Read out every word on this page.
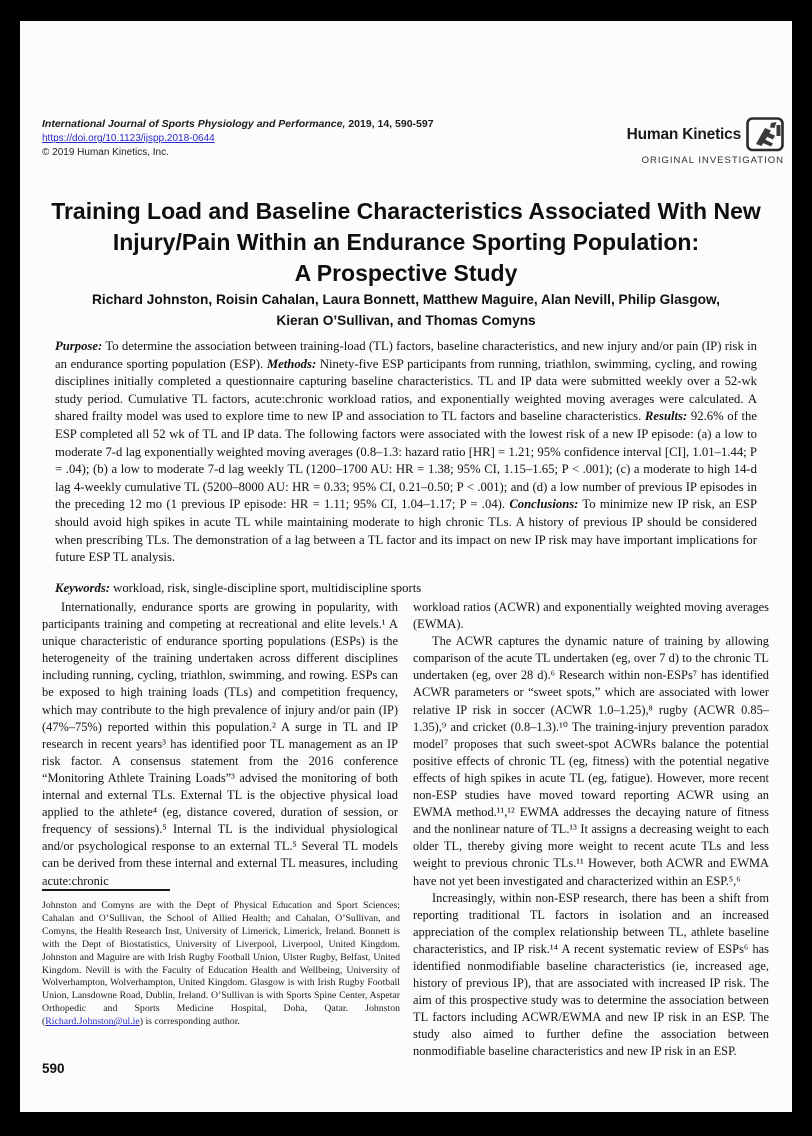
International Journal of Sports Physiology and Performance, 2019, 14, 590-597
https://doi.org/10.1123/ijspp.2018-0644
© 2019 Human Kinetics, Inc.
Human Kinetics
ORIGINAL INVESTIGATION
Training Load and Baseline Characteristics Associated With New
Injury/Pain Within an Endurance Sporting Population:
A Prospective Study
Richard Johnston, Roisin Cahalan, Laura Bonnett, Matthew Maguire, Alan Nevill, Philip Glasgow,
Kieran O’Sullivan, and Thomas Comyns

Purpose: To determine the association between training-load (TL) factors, baseline characteristics, and new injury and/or pain (IP) risk in an endurance sporting population (ESP). Methods: Ninety-five ESP participants from running, triathlon, swimming, cycling, and rowing disciplines initially completed a questionnaire capturing baseline characteristics. TL and IP data were submitted weekly over a 52-wk study period. Cumulative TL factors, acute:chronic workload ratios, and exponentially weighted moving averages were calculated. A shared frailty model was used to explore time to new IP and association to TL factors and baseline characteristics. Results: 92.6% of the ESP completed all 52 wk of TL and IP data. The following factors were associated with the lowest risk of a new IP episode: (a) a low to moderate 7-d lag exponentially weighted moving averages (0.8–1.3: hazard ratio [HR] = 1.21; 95% confidence interval [CI], 1.01–1.44; P = .04); (b) a low to moderate 7-d lag weekly TL (1200–1700 AU: HR = 1.38; 95% CI, 1.15–1.65; P < .001); (c) a moderate to high 14-d lag 4-weekly cumulative TL (5200–8000 AU: HR = 0.33; 95% CI, 0.21–0.50; P < .001); and (d) a low number of previous IP episodes in the preceding 12 mo (1 previous IP episode: HR = 1.11; 95% CI, 1.04–1.17; P = .04). Conclusions: To minimize new IP risk, an ESP should avoid high spikes in acute TL while maintaining moderate to high chronic TLs. A history of previous IP should be considered when prescribing TLs. The demonstration of a lag between a TL factor and its impact on new IP risk may have important implications for future ESP TL analysis.

Keywords: workload, risk, single-discipline sport, multidiscipline sports

Internationally, endurance sports are growing in popularity, with participants training and competing at recreational and elite levels.¹ A unique characteristic of endurance sporting populations (ESPs) is the heterogeneity of the training undertaken across different disciplines including running, cycling, triathlon, swimming, and rowing. ESPs can be exposed to high training loads (TLs) and competition frequency, which may contribute to the high prevalence of injury and/or pain (IP) (47%–75%) reported within this population.² A surge in TL and IP research in recent years³ has identified poor TL management as an IP risk factor. A consensus statement from the 2016 conference “Monitoring Athlete Training Loads”³ advised the monitoring of both internal and external TLs. External TL is the objective physical load applied to the athlete⁴ (eg, distance covered, duration of session, or frequency of sessions).⁵ Internal TL is the individual physiological and/or psychological response to an external TL.⁵ Several TL models can be derived from these internal and external TL measures, including acute:chronic

workload ratios (ACWR) and exponentially weighted moving averages (EWMA).

The ACWR captures the dynamic nature of training by allowing comparison of the acute TL undertaken (eg, over 7 d) to the chronic TL undertaken (eg, over 28 d).⁶ Research within non-ESPs⁷ has identified ACWR parameters or “sweet spots,” which are associated with lower relative IP risk in soccer (ACWR 1.0–1.25),⁸ rugby (ACWR 0.85–1.35),⁹ and cricket (0.8–1.3).¹⁰ The training-injury prevention paradox model⁷ proposes that such sweet-spot ACWRs balance the potential positive effects of chronic TL (eg, fitness) with the potential negative effects of high spikes in acute TL (eg, fatigue). However, more recent non-ESP studies have moved toward reporting ACWR using an EWMA method.¹¹,¹² EWMA addresses the decaying nature of fitness and the nonlinear nature of TL.¹³ It assigns a decreasing weight to each older TL, thereby giving more weight to recent acute TLs and less weight to previous chronic TLs.¹¹ However, both ACWR and EWMA have not yet been investigated and characterized within an ESP.⁵,⁶

Increasingly, within non-ESP research, there has been a shift from reporting traditional TL factors in isolation and an increased appreciation of the complex relationship between TL, athlete baseline characteristics, and IP risk.¹⁴ A recent systematic review of ESPs⁶ has identified nonmodifiable baseline characteristics (ie, increased age, history of previous IP), that are associated with increased IP risk. The aim of this prospective study was to determine the association between TL factors including ACWR/EWMA and new IP risk in an ESP. The study also aimed to further define the association between nonmodifiable baseline characteristics and new IP risk in an ESP.

Johnston and Comyns are with the Dept of Physical Education and Sport Sciences; Cahalan and O’Sullivan, the School of Allied Health; and Cahalan, O’Sullivan, and Comyns, the Health Research Inst, University of Limerick, Limerick, Ireland. Bonnett is with the Dept of Biostatistics, University of Liverpool, Liverpool, United Kingdom. Johnston and Maguire are with Irish Rugby Football Union, Ulster Rugby, Belfast, United Kingdom. Nevill is with the Faculty of Education Health and Wellbeing, University of Wolverhampton, Wolverhampton, United Kingdom. Glasgow is with Irish Rugby Football Union, Lansdowne Road, Dublin, Ireland. O’Sullivan is with Sports Spine Center, Aspetar Orthopedic and Sports Medicine Hospital, Doha, Qatar. Johnston (Richard.Johnston@ul.ie) is corresponding author.

590
